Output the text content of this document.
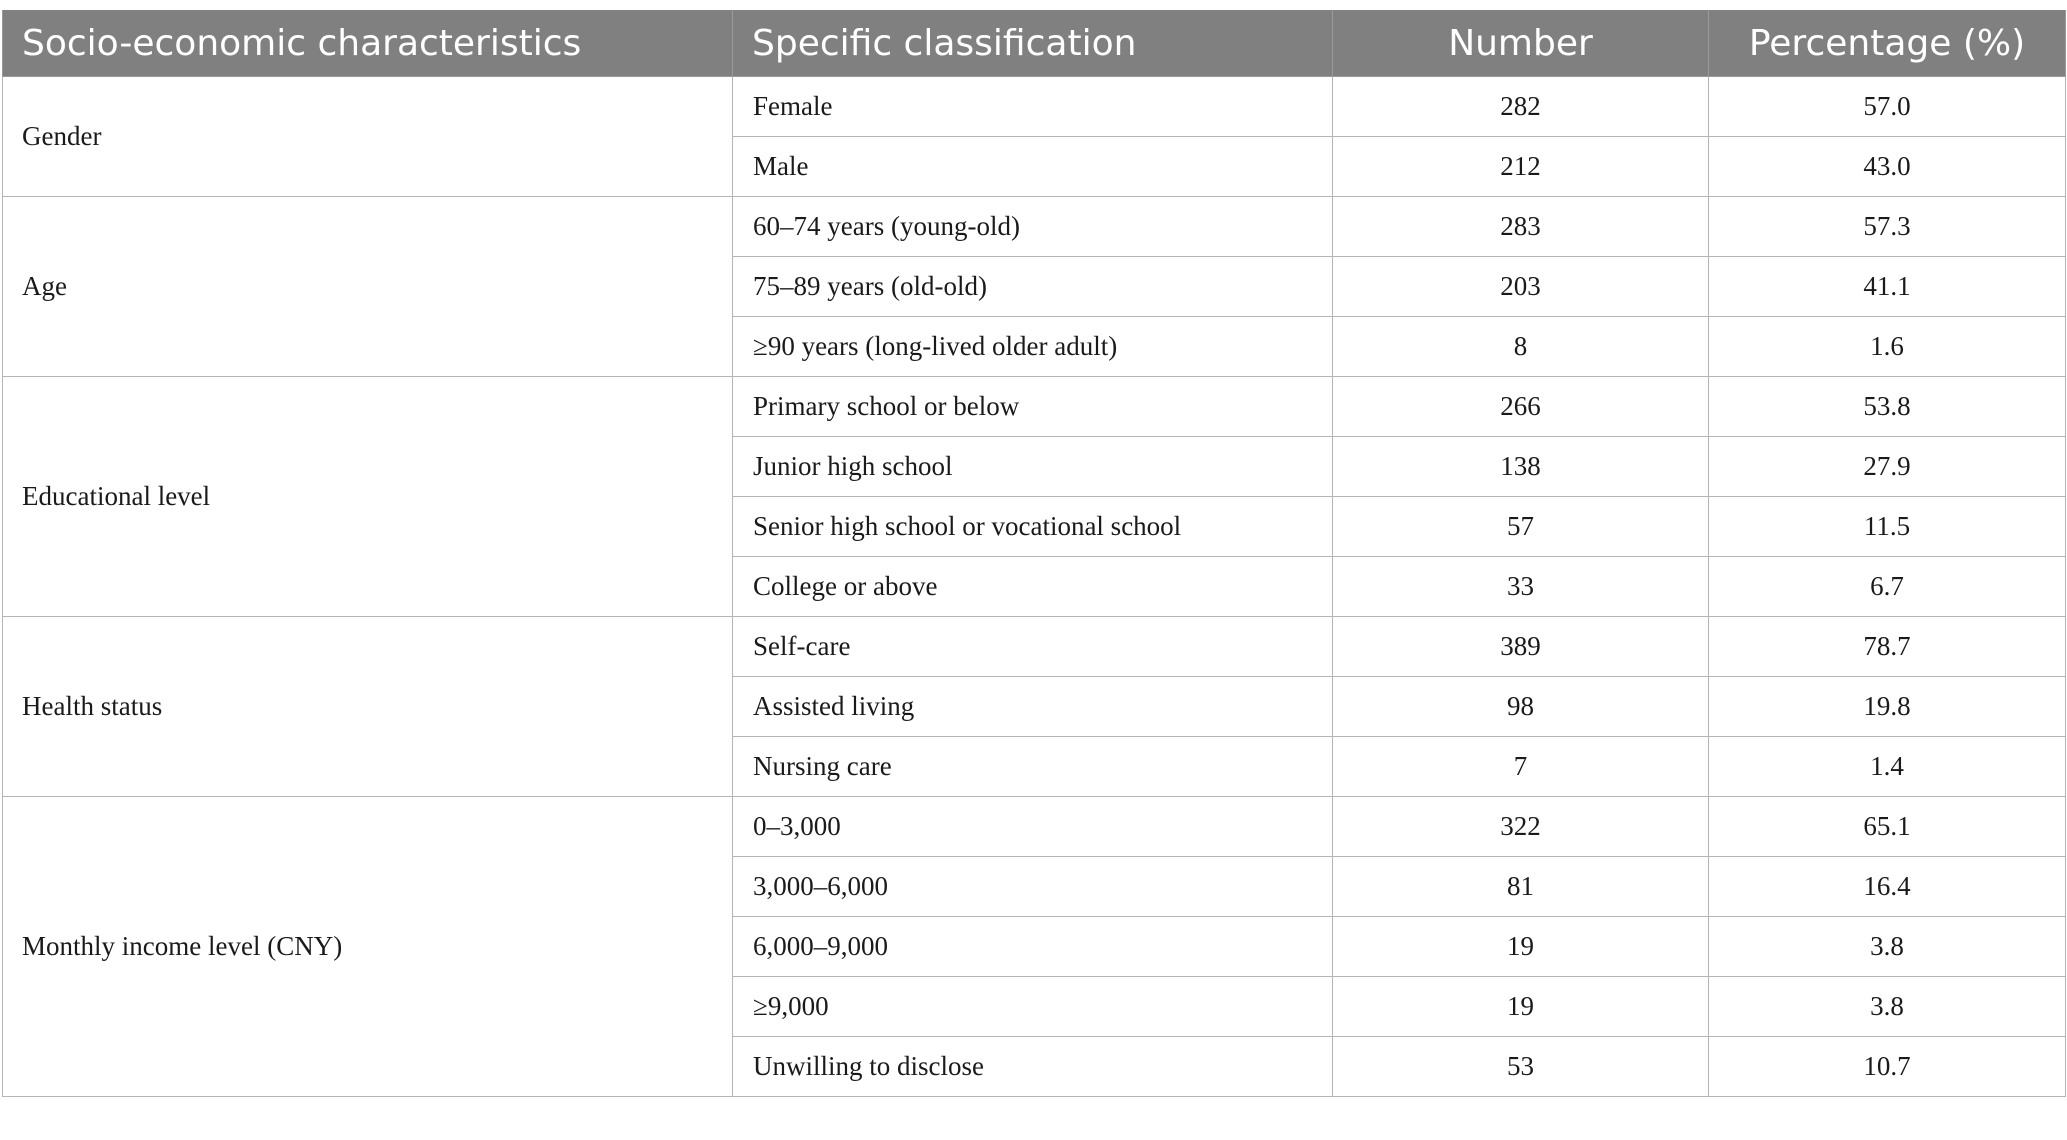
Socio-economic characteristics	Specific classification	Number	Percentage (%)
Gender	Female	282	57.0
	Male	212	43.0
Age	60–74 years (young-old)	283	57.3
	75–89 years (old-old)	203	41.1
	≥90 years (long-lived older adult)	8	1.6
Educational level	Primary school or below	266	53.8
	Junior high school	138	27.9
	Senior high school or vocational school	57	11.5
	College or above	33	6.7
Health status	Self-care	389	78.7
	Assisted living	98	19.8
	Nursing care	7	1.4
Monthly income level (CNY)	0–3,000	322	65.1
	3,000–6,000	81	16.4
	6,000–9,000	19	3.8
	≥9,000	19	3.8
	Unwilling to disclose	53	10.7
